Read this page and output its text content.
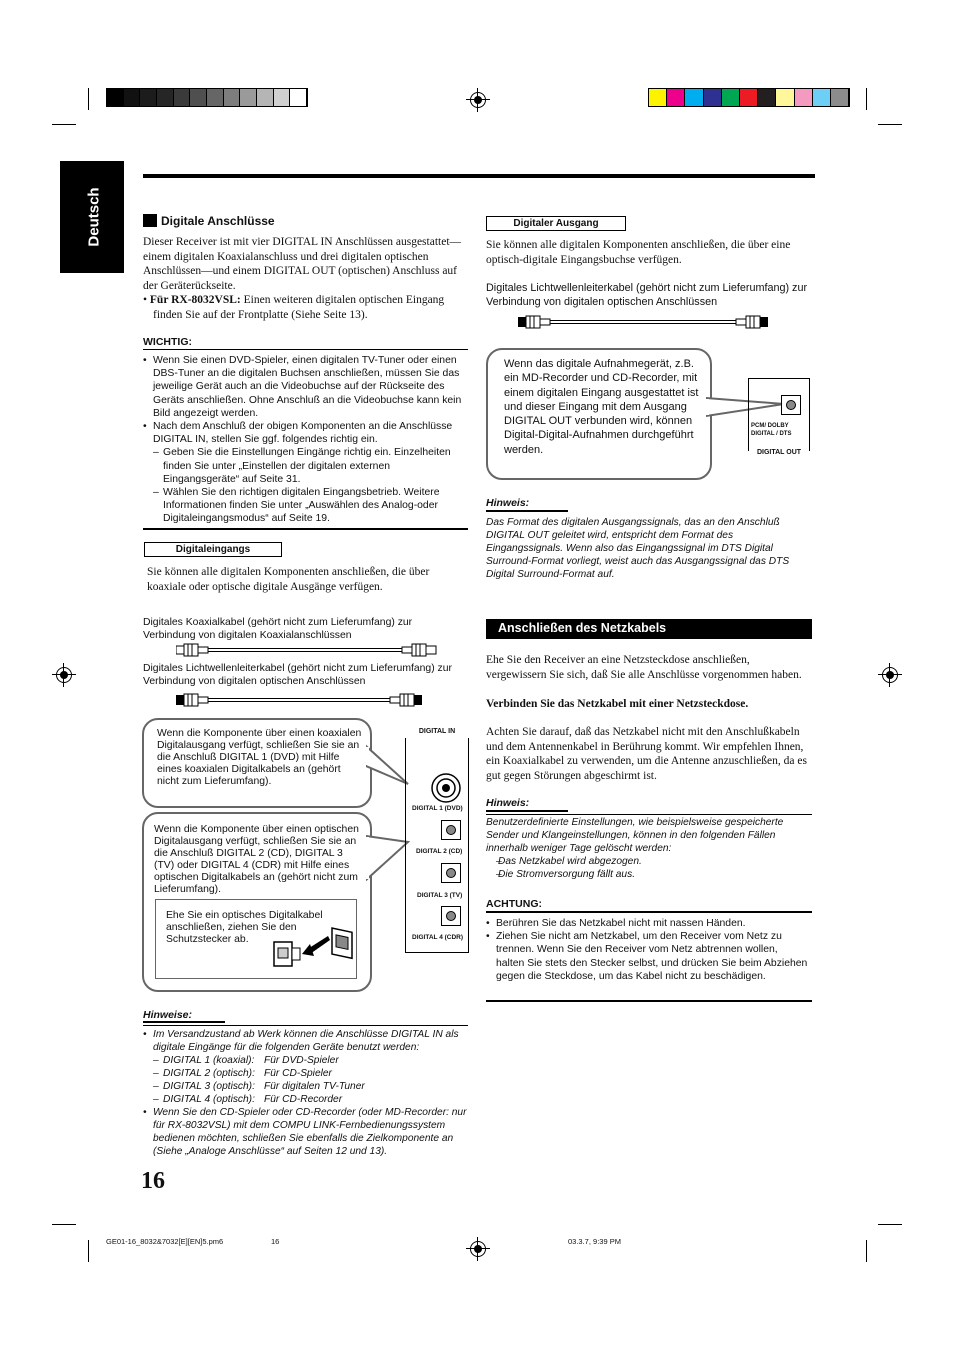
Deutsch	Digitale Anschlüsse
Dieser Receiver ist mit vier DIGITAL IN Anschlüssen ausgestattet—einem digitalen Koaxialanschluss und drei digitalen optischen Anschlüssen—und einem DIGITAL OUT (optischen) Anschluss auf der Geräterückseite.
• Für RX-8032VSL: Einen weiteren digitalen optischen Eingang finden Sie auf der Frontplatte (Siehe Seite 13).
WICHTIG:
• Wenn Sie einen DVD-Spieler, einen digitalen TV-Tuner oder einen DBS-Tuner an die digitalen Buchsen anschließen, müssen Sie das jeweilige Gerät auch an die Videobuchse auf der Rückseite des Geräts anschließen. Ohne Anschluß an die Videobuchse kann kein Bild angezeigt werden.
• Nach dem Anschluß der obigen Komponenten an die Anschlüsse DIGITAL IN, stellen Sie ggf. folgendes richtig ein.
– Geben Sie die Einstellungen Eingänge richtig ein. Einzelheiten finden Sie unter „Einstellen der digitalen externen Eingangsgeräte“ auf Seite 31.
– Wählen Sie den richtigen digitalen Eingangsbetrieb. Weitere Informationen finden Sie unter „Auswählen des Analog-oder Digitaleingangsmodus“ auf Seite 19.
Digitaleingangs
Sie können alle digitalen Komponenten anschließen, die über koaxiale oder optische digitale Ausgänge verfügen.
Digitales Koaxialkabel (gehört nicht zum Lieferumfang) zur Verbindung von digitalen Koaxialanschlüssen
Digitales Lichtwellenleiterkabel (gehört nicht zum Lieferumfang) zur Verbindung von digitalen optischen Anschlüssen
Wenn die Komponente über einen koaxialen Digitalausgang verfügt, schließen Sie sie an die Anschluß DIGITAL 1 (DVD) mit Hilfe eines koaxialen Digitalkabels an (gehört nicht zum Lieferumfang).
Wenn die Komponente über einen optischen Digitalausgang verfügt, schließen Sie sie an die Anschluß DIGITAL 2 (CD), DIGITAL 3 (TV) oder DIGITAL 4 (CDR) mit Hilfe eines optischen Digitalkabels an (gehört nicht zum Lieferumfang).
Ehe Sie ein optisches Digitalkabel anschließen, ziehen Sie den Schutzstecker ab.
DIGITAL IN
DIGITAL 1 (DVD)
DIGITAL 2 (CD)
DIGITAL 3 (TV)
DIGITAL 4 (CDR)
Hinweise:
• Im Versandzustand ab Werk können die Anschlüsse DIGITAL IN als digitale Eingänge für die folgenden Geräte benutzt werden:
– DIGITAL 1 (koaxial): Für DVD-Spieler
– DIGITAL 2 (optisch): Für CD-Spieler
– DIGITAL 3 (optisch): Für digitalen TV-Tuner
– DIGITAL 4 (optisch): Für CD-Recorder
• Wenn Sie den CD-Spieler oder CD-Recorder (oder MD-Recorder: nur für RX-8032VSL) mit dem COMPU LINK-Fernbedienungssystem bedienen möchten, schließen Sie ebenfalls die Zielkomponente an (Siehe „Analoge Anschlüsse“ auf Seiten 12 und 13).
16
Digitaler Ausgang
Sie können alle digitalen Komponenten anschließen, die über eine optisch-digitale Eingangsbuchse verfügen.
Digitales Lichtwellenleiterkabel (gehört nicht zum Lieferumfang) zur Verbindung von digitalen optischen Anschlüssen
Wenn das digitale Aufnahmegerät, z.B. ein MD-Recorder und CD-Recorder, mit einem digitalen Eingang ausgestattet ist und dieser Eingang mit dem Ausgang DIGITAL OUT verbunden wird, können Digital-Digital-Aufnahmen durchgeführt werden.
PCM/ DOLBY DIGITAL / DTS
DIGITAL OUT
Hinweis:
Das Format des digitalen Ausgangssignals, das an den Anschluß DIGITAL OUT geleitet wird, entspricht dem Format des Eingangssignals. Wenn also das Eingangssignal im DTS Digital Surround-Format vorliegt, weist auch das Ausgangssignal das DTS Digital Surround-Format auf.
Anschließen des Netzkabels
Ehe Sie den Receiver an eine Netzsteckdose anschließen, vergewissern Sie sich, daß Sie alle Anschlüsse vorgenommen haben.
Verbinden Sie das Netzkabel mit einer Netzsteckdose.
Achten Sie darauf, daß das Netzkabel nicht mit den Anschlußkabeln und dem Antennenkabel in Berührung kommt. Wir empfehlen Ihnen, ein Koaxialkabel zu verwenden, um die Antenne anzuschließen, da es gut gegen Störungen abgeschirmt ist.
Hinweis:
Benutzerdefinierte Einstellungen, wie beispielsweise gespeicherte Sender und Klangeinstellungen, können in den folgenden Fällen innerhalb weniger Tage gelöscht werden:
– Das Netzkabel wird abgezogen.
– Die Stromversorgung fällt aus.
ACHTUNG:
• Berühren Sie das Netzkabel nicht mit nassen Händen.
• Ziehen Sie nicht am Netzkabel, um den Receiver vom Netz zu trennen. Wenn Sie den Receiver vom Netz abtrennen wollen, halten Sie stets den Stecker selbst, und drücken Sie beim Abziehen gegen die Steckdose, um das Kabel nicht zu beschädigen.
GE01-16_8032&7032[E][EN]5.pm6	16	03.3.7, 9:39 PM
